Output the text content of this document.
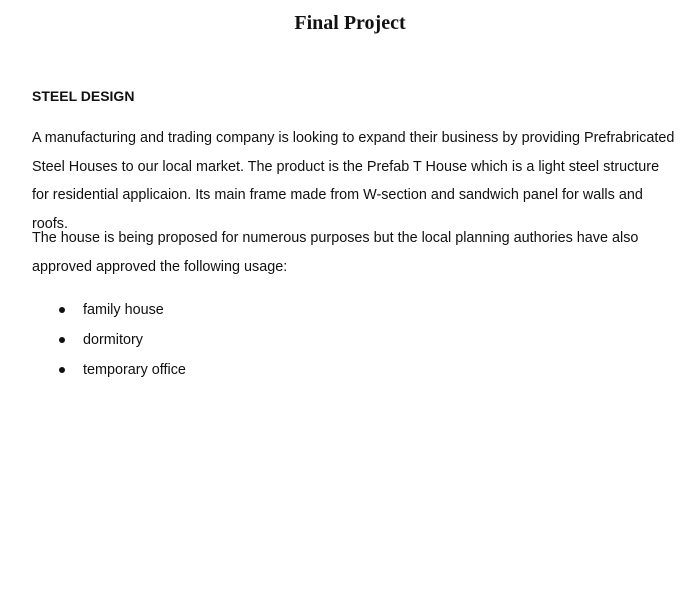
Final Project
STEEL DESIGN

A manufacturing and trading company is looking to expand their business by providing Prefrabricated Steel Houses to our local market. The product is the Prefab T House which is a light steel structure for residential applicaion. Its main frame made from W-section and sandwich panel for walls and roofs.

The house is being proposed for numerous purposes but the local planning authories have also approved approved the following usage:

family house
dormitory
temporary office
